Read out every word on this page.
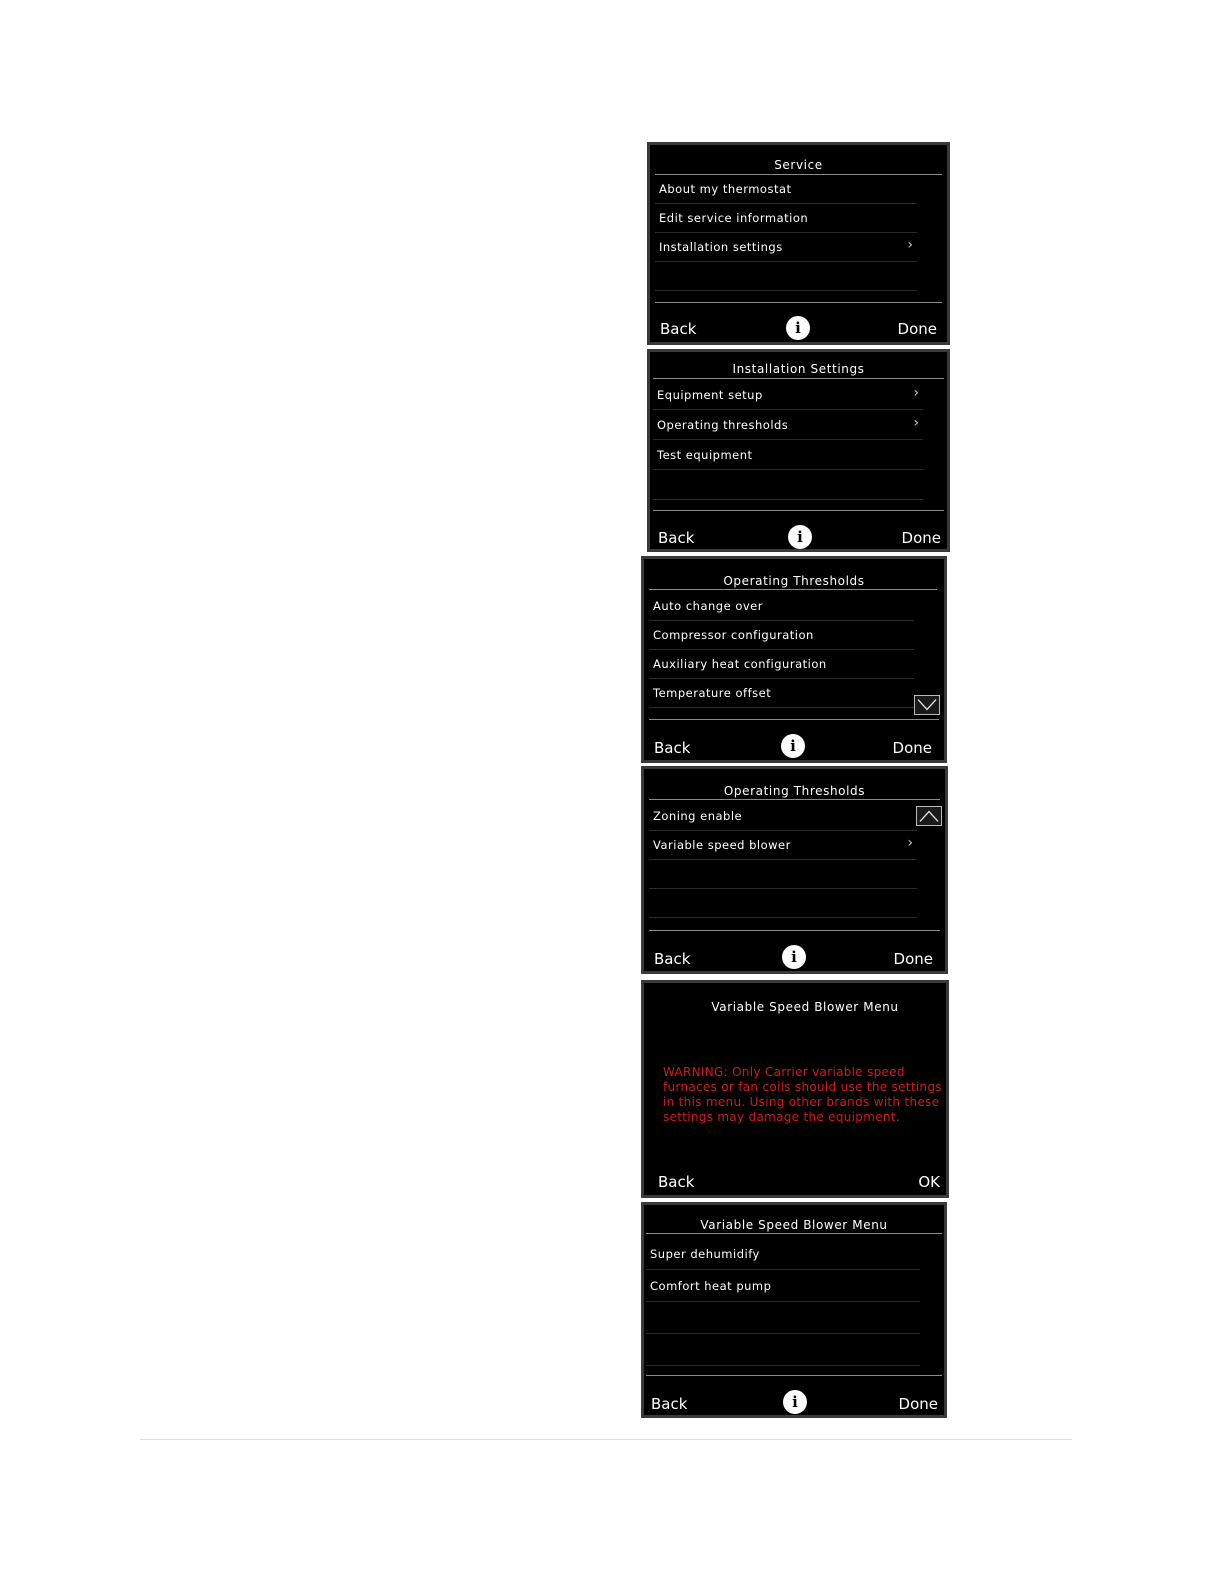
Service
About my thermostat
Edit service information
Installation settings	›
Back	i	Done
Installation Settings
Equipment setup	›
Operating thresholds	›
Test equipment
Back	i	Done
Operating Thresholds
Auto change over
Compressor configuration
Auxiliary heat configuration
Temperature offset
Back	i	Done
Operating Thresholds
Zoning enable
Variable speed blower	›
Back	i	Done
Variable Speed Blower Menu
WARNING: Only Carrier variable speed furnaces or fan coils should use the settings in this menu. Using other brands with these settings may damage the equipment.
Back	OK
Variable Speed Blower Menu
Super dehumidify
Comfort heat pump
Back	i	Done
